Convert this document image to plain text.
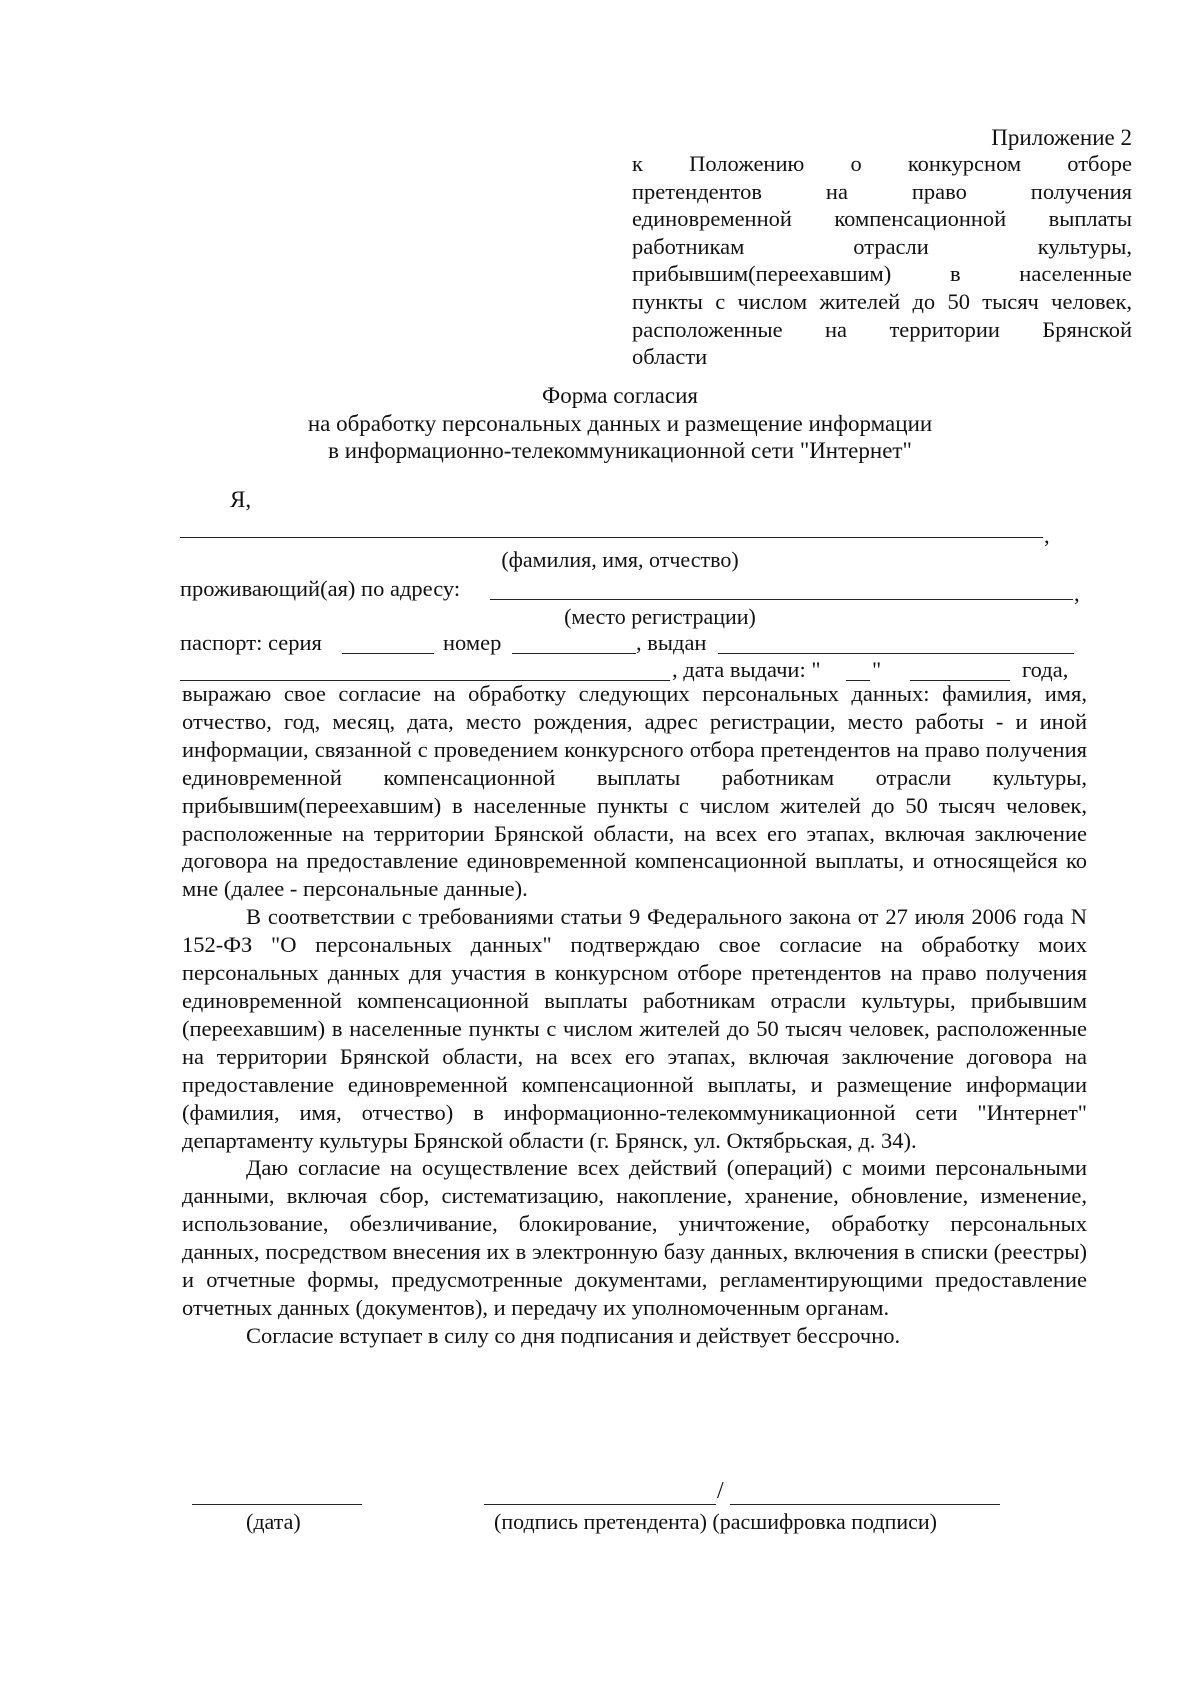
Приложение 2
к Положению о конкурсном отборе
претендентов на право получения
единовременной компенсационной выплаты
работникам отрасли культуры,
прибывшим(переехавшим) в населенные
пункты с числом жителей до 50 тысяч человек,
расположенные на территории Брянской
области
Форма согласия
на обработку персональных данных и размещение информации
в информационно-телекоммуникационной сети "Интернет"
Я,
,
(фамилия, имя, отчество)
проживающий(ая) по адресу:	,
(место регистрации)
паспорт: серия	номер	, выдан
, дата выдачи: " "	года,

выражаю свое согласие на обработку следующих персональных данных: фамилия, имя, отчество, год, месяц, дата, место рождения, адрес регистрации, место работы - и иной информации, связанной с проведением конкурсного отбора претендентов на право получения единовременной компенсационной выплаты работникам отрасли культуры, прибывшим(переехавшим) в населенные пункты с числом жителей до 50 тысяч человек, расположенные на территории Брянской области, на всех его этапах, включая заключение договора на предоставление единовременной компенсационной выплаты, и относящейся ко мне (далее - персональные данные).

В соответствии с требованиями статьи 9 Федерального закона от 27 июля 2006 года N 152-ФЗ "О персональных данных" подтверждаю свое согласие на обработку моих персональных данных для участия в конкурсном отборе претендентов на право получения единовременной компенсационной выплаты работникам отрасли культуры, прибывшим (переехавшим) в населенные пункты с числом жителей до 50 тысяч человек, расположенные на территории Брянской области, на всех его этапах, включая заключение договора на предоставление единовременной компенсационной выплаты, и размещение информации (фамилия, имя, отчество) в информационно-телекоммуникационной сети "Интернет" департаменту культуры Брянской области (г. Брянск, ул. Октябрьская, д. 34).

Даю согласие на осуществление всех действий (операций) с моими персональными данными, включая сбор, систематизацию, накопление, хранение, обновление, изменение, использование, обезличивание, блокирование, уничтожение, обработку персональных данных, посредством внесения их в электронную базу данных, включения в списки (реестры) и отчетные формы, предусмотренные документами, регламентирующими предоставление отчетных данных (документов), и передачу их уполномоченным органам.

Согласие вступает в силу со дня подписания и действует бессрочно.

(дата)
/
(подпись претендента) (расшифровка подписи)
